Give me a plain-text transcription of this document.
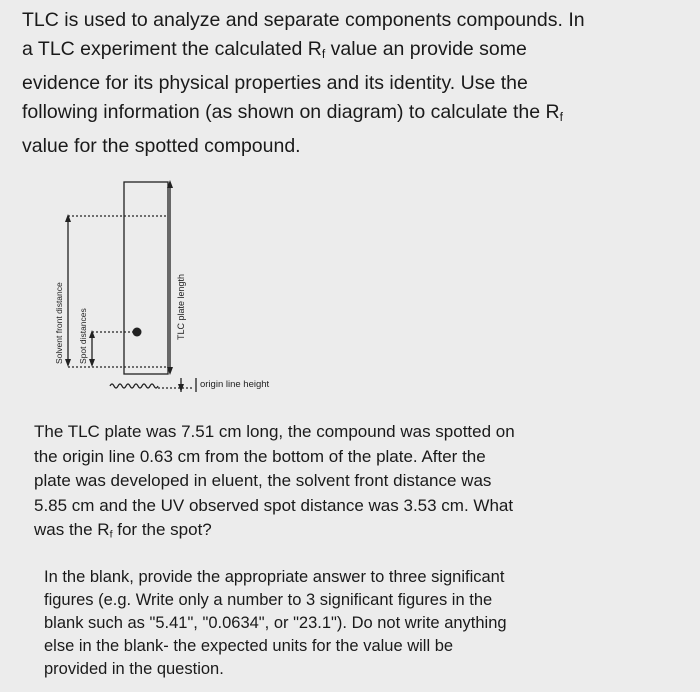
TLC is used to analyze and separate components compounds. In
a TLC experiment the calculated $R_f$ value an provide some
evidence for its physical properties and its identity. Use the
following information (as shown on diagram) to calculate the $R_f$
value for the spotted compound.
Solvent front distance Spot distances	TLC plate length
origin line height
The TLC plate was 7.51 cm long, the compound was spotted on
the origin line 0.63 cm from the bottom of the plate. After the
plate was developed in eluent, the solvent front distance was
5.85 cm and the UV observed spot distance was 3.53 cm. What
was the $R_f$ for the spot?
In the blank, provide the appropriate answer to three significant
figures (e.g. Write only a number to 3 significant figures in the
blank such as "5.41", "0.0634", or "23.1"). Do not write anything
else in the blank- the expected units for the value will be
provided in the question.
